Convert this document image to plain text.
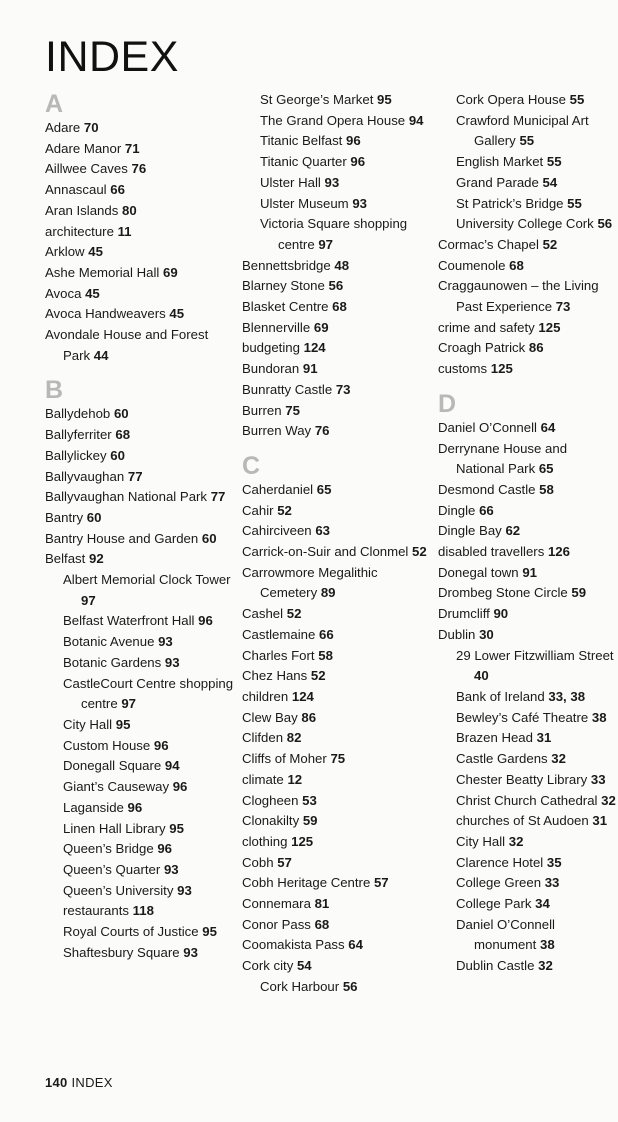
INDEX
A
Adare 70
Adare Manor 71
Aillwee Caves 76
Annascaul 66
Aran Islands 80
architecture 11
Arklow 45
Ashe Memorial Hall 69
Avoca 45
Avoca Handweavers 45
Avondale House and Forest Park 44
B
Ballydehob 60
Ballyferriter 68
Ballylickey 60
Ballyvaughan 77
Ballyvaughan National Park 77
Bantry 60
Bantry House and Garden 60
Belfast 92
Albert Memorial Clock Tower 97
Belfast Waterfront Hall 96
Botanic Avenue 93
Botanic Gardens 93
CastleCourt Centre shopping centre 97
City Hall 95
Custom House 96
Donegall Square 94
Giant’s Causeway 96
Laganside 96
Linen Hall Library 95
Queen’s Bridge 96
Queen’s Quarter 93
Queen’s University 93
restaurants 118
Royal Courts of Justice 95
Shaftesbury Square 93
St George’s Market 95
The Grand Opera House 94
Titanic Belfast 96
Titanic Quarter 96
Ulster Hall 93
Ulster Museum 93
Victoria Square shopping centre 97
Bennettsbridge 48
Blarney Stone 56
Blasket Centre 68
Blennerville 69
budgeting 124
Bundoran 91
Bunratty Castle 73
Burren 75
Burren Way 76
C
Caherdaniel 65
Cahir 52
Cahirciveen 63
Carrick-on-Suir and Clonmel 52
Carrowmore Megalithic Cemetery 89
Cashel 52
Castlemaine 66
Charles Fort 58
Chez Hans 52
children 124
Clew Bay 86
Clifden 82
Cliffs of Moher 75
climate 12
Clogheen 53
Clonakilty 59
clothing 125
Cobh 57
Cobh Heritage Centre 57
Connemara 81
Conor Pass 68
Coomakista Pass 64
Cork city 54
Cork Harbour 56
Cork Opera House 55
Crawford Municipal Art Gallery 55
English Market 55
Grand Parade 54
St Patrick’s Bridge 55
University College Cork 56
Cormac’s Chapel 52
Coumenole 68
Craggaunowen – the Living Past Experience 73
crime and safety 125
Croagh Patrick 86
customs 125
D
Daniel O’Connell 64
Derrynane House and National Park 65
Desmond Castle 58
Dingle 66
Dingle Bay 62
disabled travellers 126
Donegal town 91
Drombeg Stone Circle 59
Drumcliff 90
Dublin 30
29 Lower Fitzwilliam Street 40
Bank of Ireland 33, 38
Bewley’s Café Theatre 38
Brazen Head 31
Castle Gardens 32
Chester Beatty Library 33
Christ Church Cathedral 32
churches of St Audoen 31
City Hall 32
Clarence Hotel 35
College Green 33
College Park 34
Daniel O’Connell monument 38
Dublin Castle 32
140 INDEX
